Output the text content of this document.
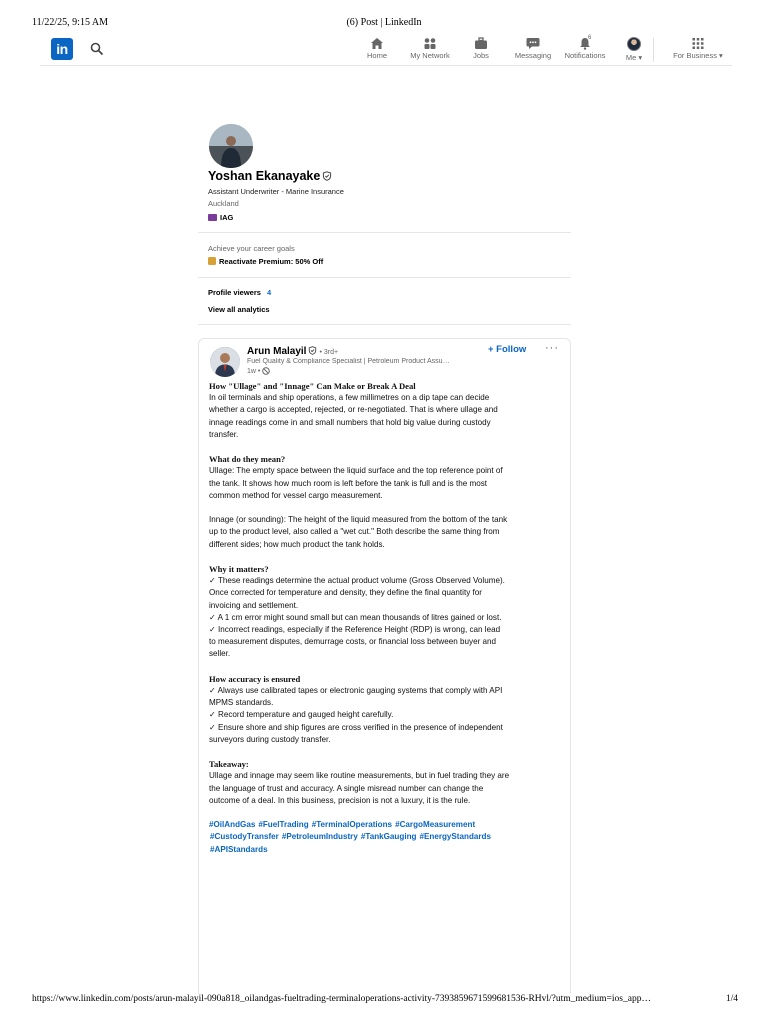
11/22/25, 9:15 AM	(6) Post | LinkedIn
in	Home	My Network	Jobs	Messaging
6
Notifications	Me ▾	For Business ▾
Yoshan Ekanayake
Assistant Underwriter - Marine Insurance
Auckland
IAG
Achieve your career goals
Reactivate Premium: 50% Off
Profile viewers 4
View all analytics
Arun Malayil • 3rd+
Fuel Quality & Compliance Specialist | Petroleum Product Assu…
1w •
+ Follow ···
How "Ullage" and "Innage" Can Make or Break A Deal
In oil terminals and ship operations, a few millimetres on a dip tape can decide
whether a cargo is accepted, rejected, or re-negotiated. That is where ullage and
innage readings come in and small numbers that hold big value during custody
transfer.
What do they mean?
Ullage: The empty space between the liquid surface and the top reference point of
the tank. It shows how much room is left before the tank is full and is the most
common method for vessel cargo measurement.
Innage (or sounding): The height of the liquid measured from the bottom of the tank
up to the product level, also called a "wet cut." Both describe the same thing from
different sides; how much product the tank holds.
Why it matters?
✓ These readings determine the actual product volume (Gross Observed Volume).
Once corrected for temperature and density, they define the final quantity for
invoicing and settlement.
✓ A 1 cm error might sound small but can mean thousands of litres gained or lost.
✓ Incorrect readings, especially if the Reference Height (RDP) is wrong, can lead
to measurement disputes, demurrage costs, or financial loss between buyer and
seller.
How accuracy is ensured
✓ Always use calibrated tapes or electronic gauging systems that comply with API
MPMS standards.
✓ Record temperature and gauged height carefully.
✓ Ensure shore and ship figures are cross verified in the presence of independent
surveyors during custody transfer.
Takeaway:
Ullage and innage may seem like routine measurements, but in fuel trading they are
the language of trust and accuracy. A single misread number can change the
outcome of a deal. In this business, precision is not a luxury, it is the rule.
#OilAndGas #FuelTrading #TerminalOperations #CargoMeasurement
#CustodyTransfer #PetroleumIndustry #TankGauging #EnergyStandards
#APIStandards
https://www.linkedin.com/posts/arun-malayil-090a818_oilandgas-fueltrading-terminaloperations-activity-7393859671599681536-RHvl/?utm_medium=ios_app…	1/4
